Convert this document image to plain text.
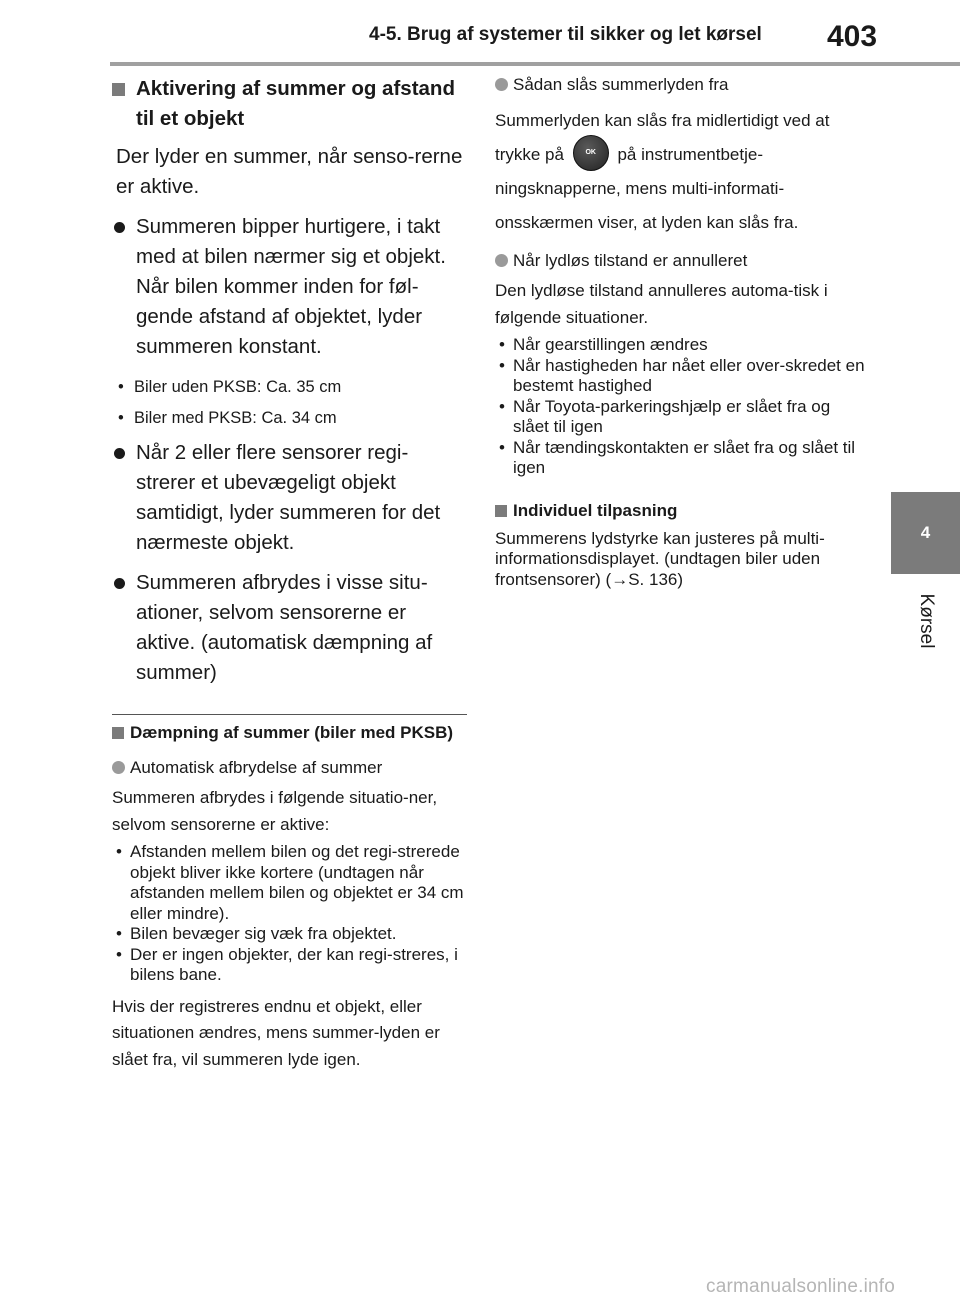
4-5. Brug af systemer til sikker og let kørsel 403
4
Kørsel
Aktivering af summer og afstand til et objekt
Der lyder en summer, når senso-rerne er aktive.
Summeren bipper hurtigere, i takt med at bilen nærmer sig et objekt.
Når bilen kommer inden for føl-gende afstand af objektet, lyder summeren konstant.
• Biler uden PKSB: Ca. 35 cm
• Biler med PKSB: Ca. 34 cm
Når 2 eller flere sensorer regi-strerer et ubevægeligt objekt samtidigt, lyder summeren for det nærmeste objekt.
Summeren afbrydes i visse situ-ationer, selvom sensorerne er aktive. (automatisk dæmpning af summer)
Dæmpning af summer (biler med PKSB)
Automatisk afbrydelse af summer

Summeren afbrydes i følgende situatio-ner, selvom sensorerne er aktive:

• Afstanden mellem bilen og det regi-strerede objekt bliver ikke kortere (undtagen når afstanden mellem bilen og objektet er 34 cm eller mindre).
• Bilen bevæger sig væk fra objektet.
• Der er ingen objekter, der kan regi-streres, i bilens bane.

Hvis der registreres endnu et objekt, eller situationen ændres, mens summer-lyden er slået fra, vil summeren lyde igen.

Sådan slås summerlyden fra

Summerlyden kan slås fra midlertidigt ved at trykke på	OK på instrumentbetje-ningsknapperne, mens multi-informati-onsskærmen viser, at lyden kan slås fra.

Når lydløs tilstand er annulleret

Den lydløse tilstand annulleres automa-tisk i følgende situationer.

• Når gearstillingen ændres
• Når hastigheden har nået eller over-skredet en bestemt hastighed
• Når Toyota-parkeringshjælp er slået fra og slået til igen
• Når tændingskontakten er slået fra og slået til igen
Individuel tilpasning

Summerens lydstyrke kan justeres på multi-informationsdisplayet. (undtagen biler uden frontsensorer) (→S. 136)

carmanualsonline.info
